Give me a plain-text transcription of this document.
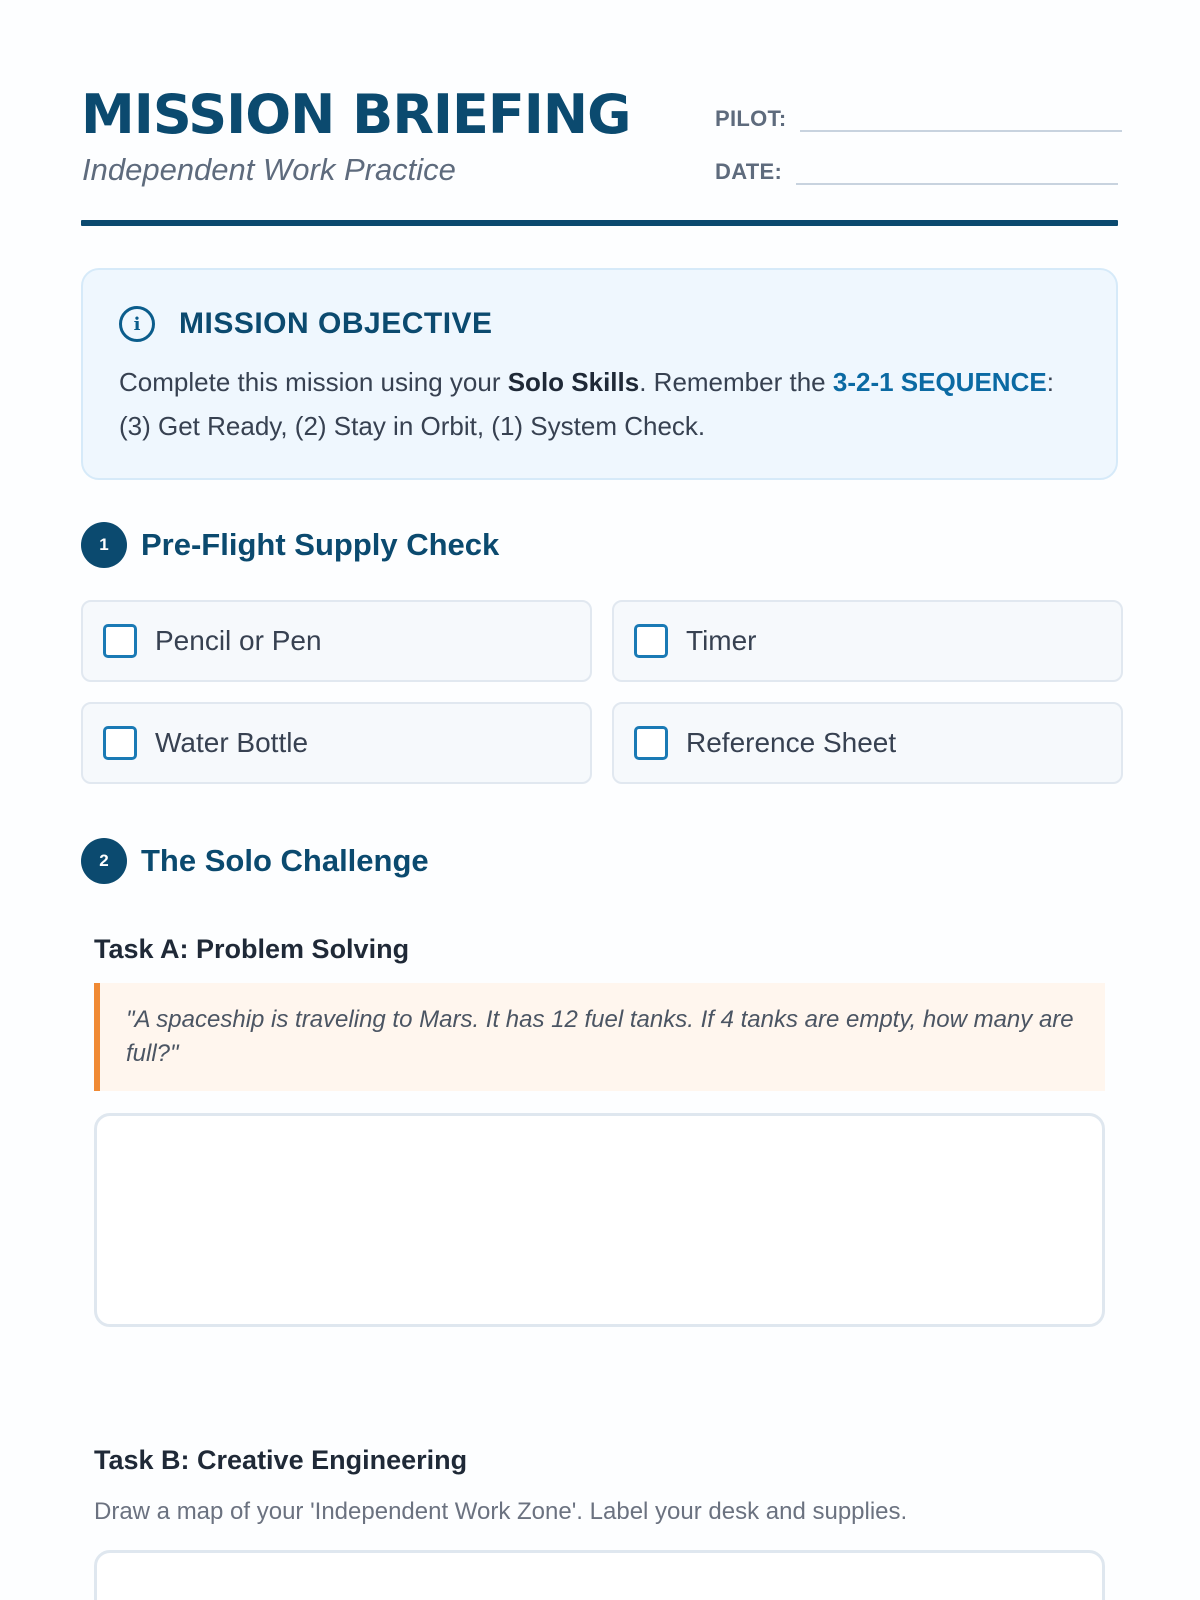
MISSION BRIEFING
Independent Work Practice
PILOT:
DATE:
i	MISSION OBJECTIVE

Complete this mission using your Solo Skills. Remember the 3-2-1 SEQUENCE: (3) Get Ready, (2) Stay in Orbit, (1) System Check.

1	Pre-Flight Supply Check
Pencil or Pen	Timer
Water Bottle	Reference Sheet
2	The Solo Challenge
Task A: Problem Solving
"A spaceship is traveling to Mars. It has 12 fuel tanks. If 4 tanks are empty, how many are full?"
Task B: Creative Engineering
Draw a map of your 'Independent Work Zone'. Label your desk and supplies.
